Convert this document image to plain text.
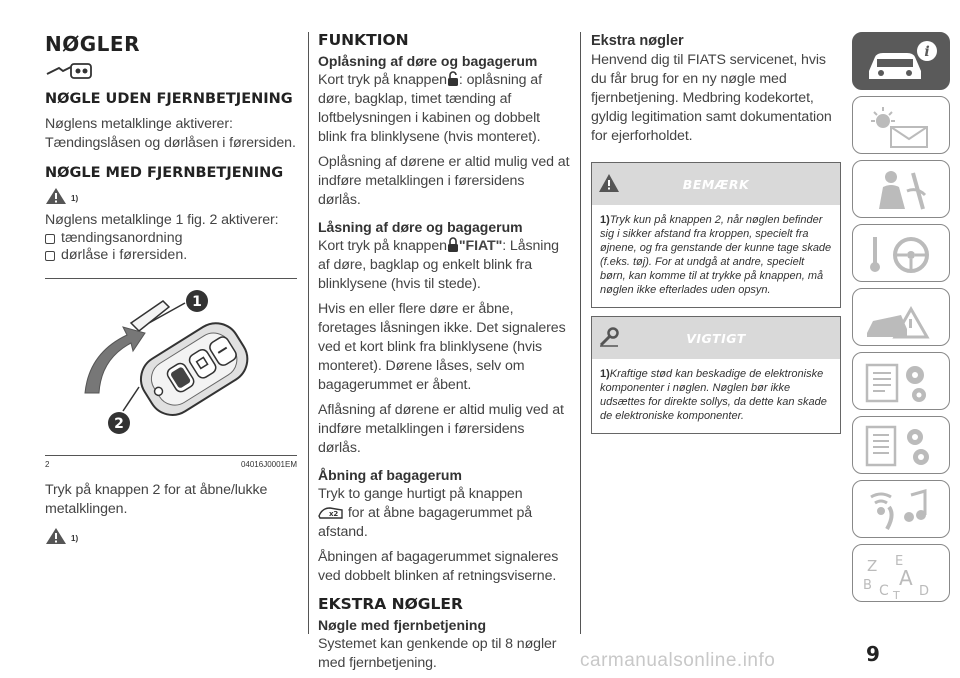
NØGLER
NØGLE UDEN FJERNBETJENING
Nøglens metalklinge aktiverer: Tændingslåsen og dørlåsen i førersiden.
NØGLE MED FJERNBETJENING
1)
Nøglens metalklinge 1 fig. 2 aktiverer:
tændingsanordning
dørlåse i førersiden.
1
2
2	04016J0001EM
Tryk på knappen 2 for at åbne/lukke metalklingen.
1)
FUNKTION
Oplåsning af døre og bagagerum
Kort tryk på knappen : oplåsning af døre, bagklap, timet tænding af loftbelysningen i kabinen og dobbelt blink fra blinklysene (hvis monteret).
Oplåsning af dørene er altid mulig ved at indføre metalklingen i førersidens dørlås.
Låsning af døre og bagagerum
Kort tryk på knappen "FIAT": Låsning af døre, bagklap og enkelt blink fra blinklysene (hvis til stede).
Hvis en eller flere døre er åbne, foretages låsningen ikke. Det signaleres ved et kort blink fra blinklysene (hvis monteret). Dørene låses, selv om bagagerummet er åbent.
Aflåsning af dørene er altid mulig ved at indføre metalklingen i førersidens dørlås.
Åbning af bagagerum
Tryk to gange hurtigt på knappen

x2 for at åbne bagagerummet på afstand.
Åbningen af bagagerummet signaleres ved dobbelt blinken af retningsviserne.
EKSTRA NØGLER
Nøgle med fjernbetjening
Systemet kan genkende op til 8 nøgler med fjernbetjening.
Ekstra nøgler
Henvend dig til FIATS servicenet, hvis du får brug for en ny nøgle med fjernbetjening. Medbring kodekortet, gyldig legitimation samt dokumentation for ejerforholdet.
BEMÆRK
1)Tryk kun på knappen 2, når nøglen befinder sig i sikker afstand fra kroppen, specielt fra øjnene, og fra genstande der kunne tage skade (f.eks. tøj). For at undgå at andre, specielt børn, kan komme til at trykke på knappen, må nøglen ikke efterlades uden opsyn.
VIGTIGT
1)Kraftige stød kan beskadige de elektroniske komponenter i nøglen. Nøglen bør ikke udsættes for direkte sollys, da dette kan skade de elektroniske komponenter.
i
Z E
B A
C D
T
9
carmanualsonline.info
